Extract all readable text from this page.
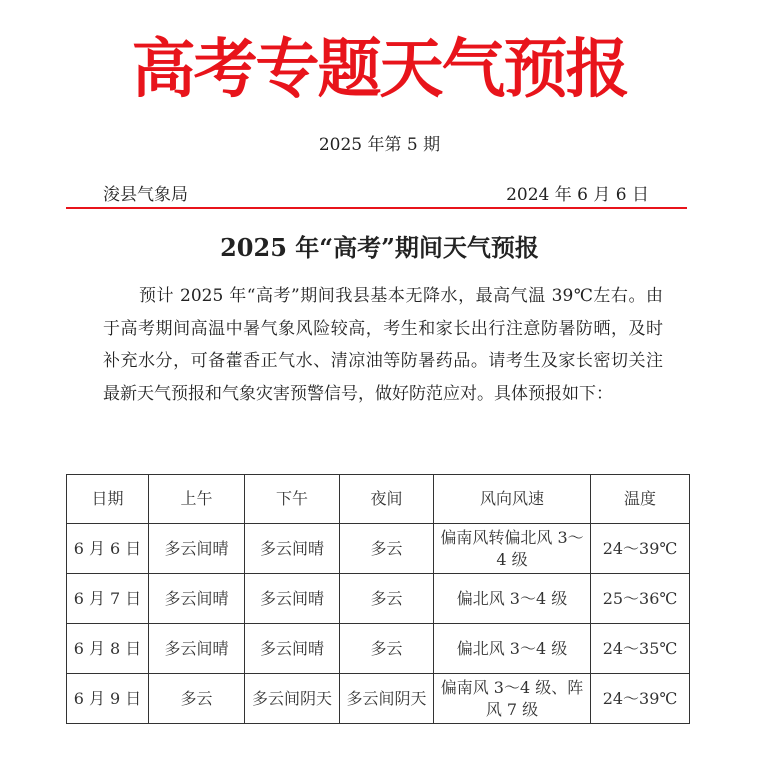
高考专题天气预报
2025 年第 5 期
浚县气象局	2024 年 6 月 6 日
2025 年“高考”期间天气预报
预计 2025 年“高考”期间我县基本无降水，最高气温 39℃左右。由于高考期间高温中暑气象风险较高，考生和家长出行注意防暑防晒，及时补充水分，可备藿香正气水、清凉油等防暑药品。请考生及家长密切关注最新天气预报和气象灾害预警信号，做好防范应对。具体预报如下：
日期	上午	下午	夜间	风向风速	温度
6 月 6 日	多云间晴	多云间晴	多云	偏南风转偏北风 3～4 级	24～39℃
6 月 7 日	多云间晴	多云间晴	多云	偏北风 3～4 级	25～36℃
6 月 8 日	多云间晴	多云间晴	多云	偏北风 3～4 级	24～35℃
6 月 9 日	多云	多云间阴天	多云间阴天	偏南风 3～4 级、阵风 7 级	24～39℃
